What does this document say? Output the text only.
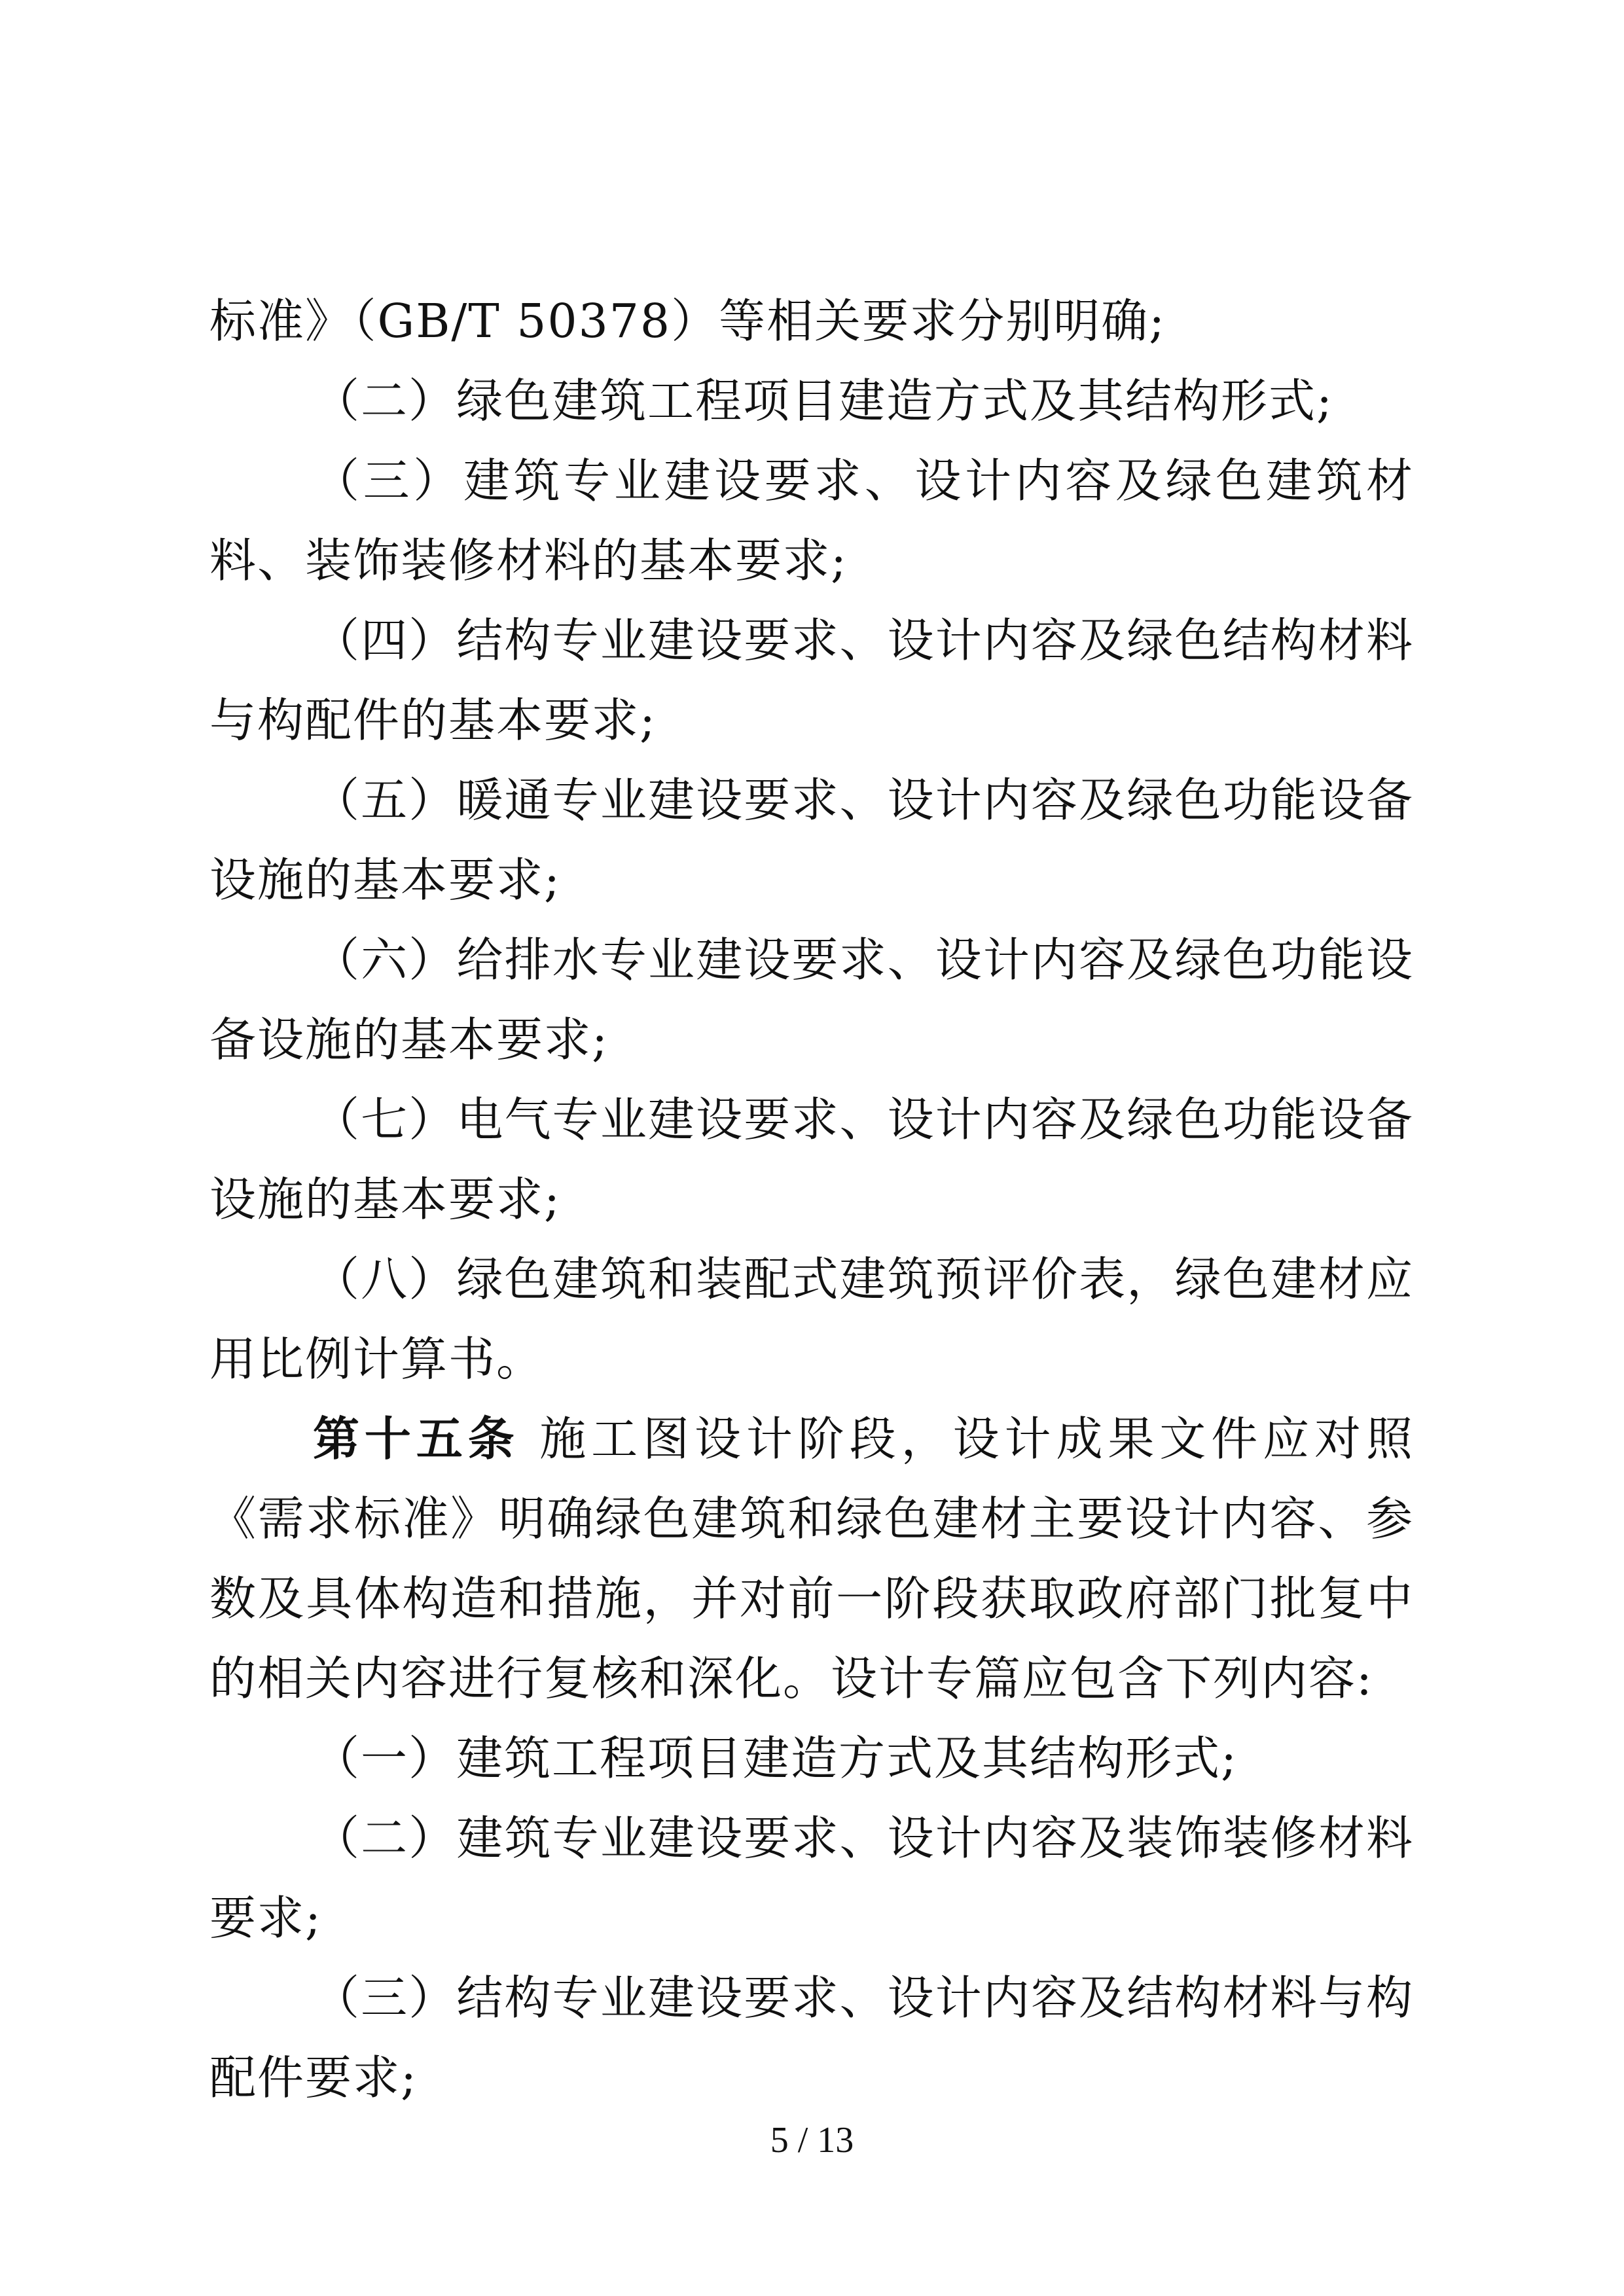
标准》（GB/T 50378）等相关要求分别明确;

（二）绿色建筑工程项目建造方式及其结构形式;

（三）建筑专业建设要求、设计内容及绿色建筑材料、装饰装修材料的基本要求;

（四）结构专业建设要求、设计内容及绿色结构材料与构配件的基本要求;

（五）暖通专业建设要求、设计内容及绿色功能设备设施的基本要求;

（六）给排水专业建设要求、设计内容及绿色功能设备设施的基本要求;

（七）电气专业建设要求、设计内容及绿色功能设备设施的基本要求;

（八）绿色建筑和装配式建筑预评价表，绿色建材应用比例计算书。

第十五条 施工图设计阶段，设计成果文件应对照《需求标准》明确绿色建筑和绿色建材主要设计内容、参数及具体构造和措施，并对前一阶段获取政府部门批复中的相关内容进行复核和深化。设计专篇应包含下列内容:

（一）建筑工程项目建造方式及其结构形式;

（二）建筑专业建设要求、设计内容及装饰装修材料要求;

（三）结构专业建设要求、设计内容及结构材料与构配件要求;

5 / 13
